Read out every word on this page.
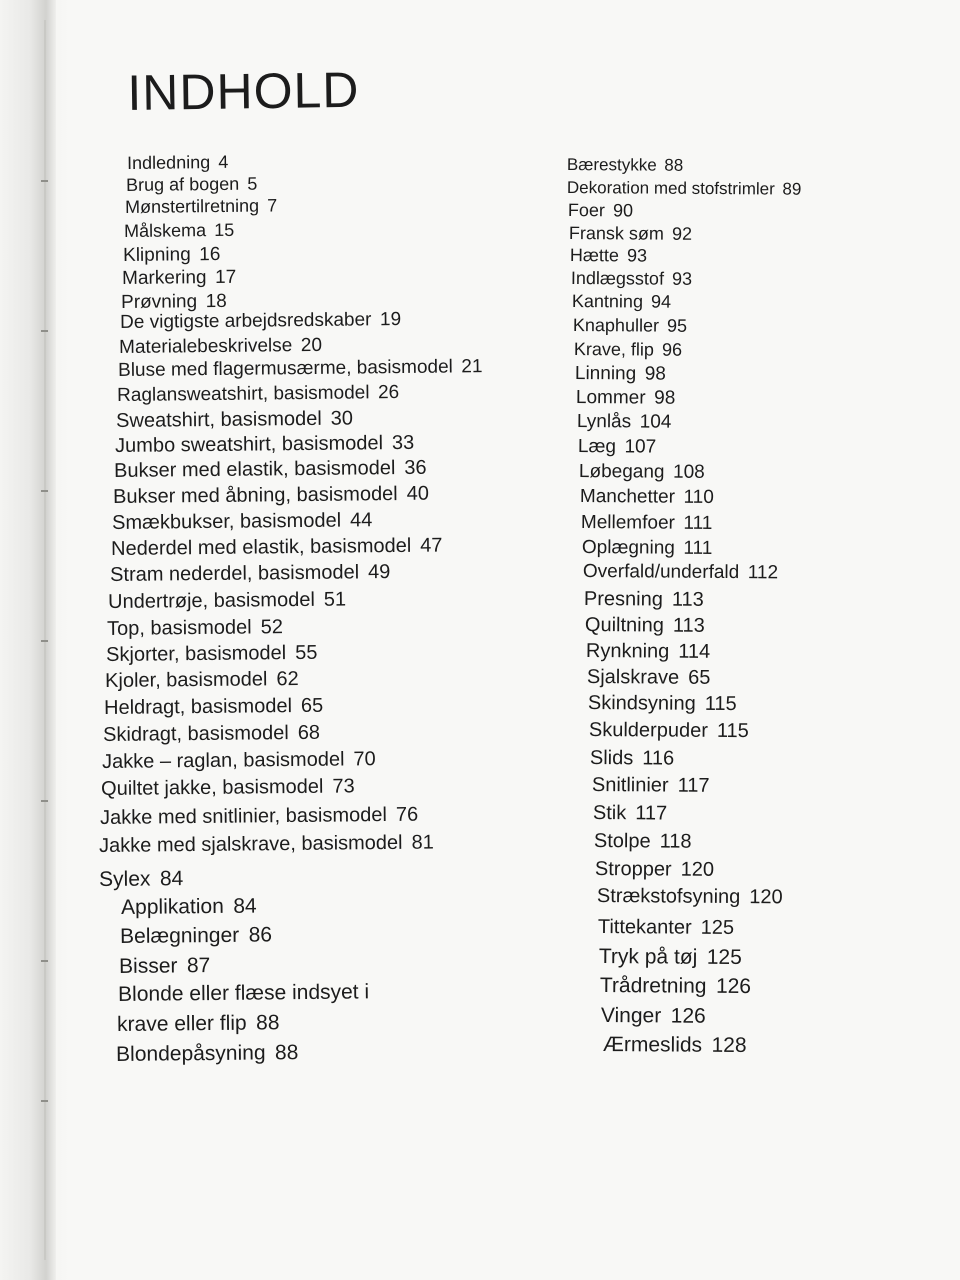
INDHOLD
Indledning 4
Brug af bogen 5
Mønstertilretning 7
Målskema 15
Klipning 16
Markering 17
Prøvning 18
De vigtigste arbejdsredskaber 19
Materialebeskrivelse 20
Bluse med flagermusærme, basismodel 21
Raglansweatshirt, basismodel 26
Sweatshirt, basismodel 30
Jumbo sweatshirt, basismodel 33
Bukser med elastik, basismodel 36
Bukser med åbning, basismodel 40
Smækbukser, basismodel 44
Nederdel med elastik, basismodel 47
Stram nederdel, basismodel 49
Undertrøje, basismodel 51
Top, basismodel 52
Skjorter, basismodel 55
Kjoler, basismodel 62
Heldragt, basismodel 65
Skidragt, basismodel 68
Jakke – raglan, basismodel 70
Quiltet jakke, basismodel 73
Jakke med snitlinier, basismodel 76
Jakke med sjalskrave, basismodel 81
Sylex 84
Applikation 84
Belægninger 86
Bisser 87
Blonde eller flæse indsyet i
krave eller flip 88
Blondepåsyning 88
Bærestykke 88
Dekoration med stofstrimler 89
Foer 90
Fransk søm 92
Hætte 93
Indlægsstof 93
Kantning 94
Knaphuller 95
Krave, flip 96
Linning 98
Lommer 98
Lynlås 104
Læg 107
Løbegang 108
Manchetter 110
Mellemfoer 111
Oplægning 111
Overfald/underfald 112
Presning 113
Quiltning 113
Rynkning 114
Sjalskrave 65
Skindsyning 115
Skulderpuder 115
Slids 116
Snitlinier 117
Stik 117
Stolpe 118
Stropper 120
Strækstofsyning 120
Tittekanter 125
Tryk på tøj 125
Trådretning 126
Vinger 126
Ærmeslids 128
